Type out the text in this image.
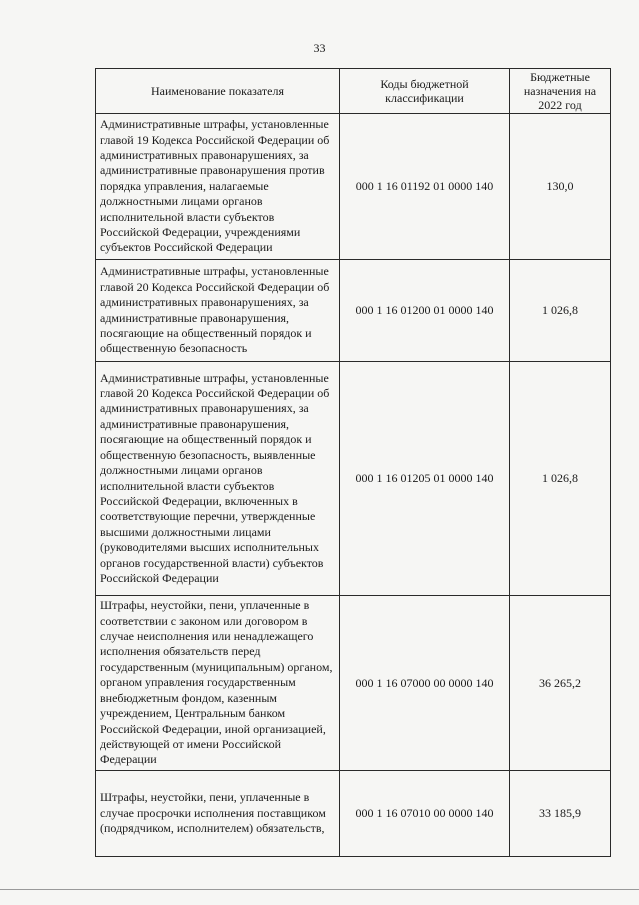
33
Наименование показателя	Коды бюджетной классификации	Бюджетные назначения на 2022 год
Административные штрафы, установленные главой 19 Кодекса Российской Федерации об административных правонарушениях, за административные правонарушения против порядка управления, налагаемые должностными лицами органов исполнительной власти субъектов Российской Федерации, учреждениями субъектов Российской Федерации	000 1 16 01192 01 0000 140	130,0
Административные штрафы, установленные главой 20 Кодекса Российской Федерации об административных правонарушениях, за административные правонарушения, посягающие на общественный порядок и общественную безопасность	000 1 16 01200 01 0000 140	1 026,8
Административные штрафы, установленные главой 20 Кодекса Российской Федерации об административных правонарушениях, за административные правонарушения, посягающие на общественный порядок и общественную безопасность, выявленные должностными лицами органов исполнительной власти субъектов Российской Федерации, включенных в соответствующие перечни, утвержденные высшими должностными лицами (руководителями высших исполнительных органов государственной власти) субъектов Российской Федерации	000 1 16 01205 01 0000 140	1 026,8
Штрафы, неустойки, пени, уплаченные в соответствии с законом или договором в случае неисполнения или ненадлежащего исполнения обязательств перед государственным (муниципальным) органом, органом управления государственным внебюджетным фондом, казенным учреждением, Центральным банком Российской Федерации, иной организацией, действующей от имени Российской Федерации	000 1 16 07000 00 0000 140	36 265,2
Штрафы, неустойки, пени, уплаченные в случае просрочки исполнения поставщиком (подрядчиком, исполнителем) обязательств,	000 1 16 07010 00 0000 140	33 185,9
